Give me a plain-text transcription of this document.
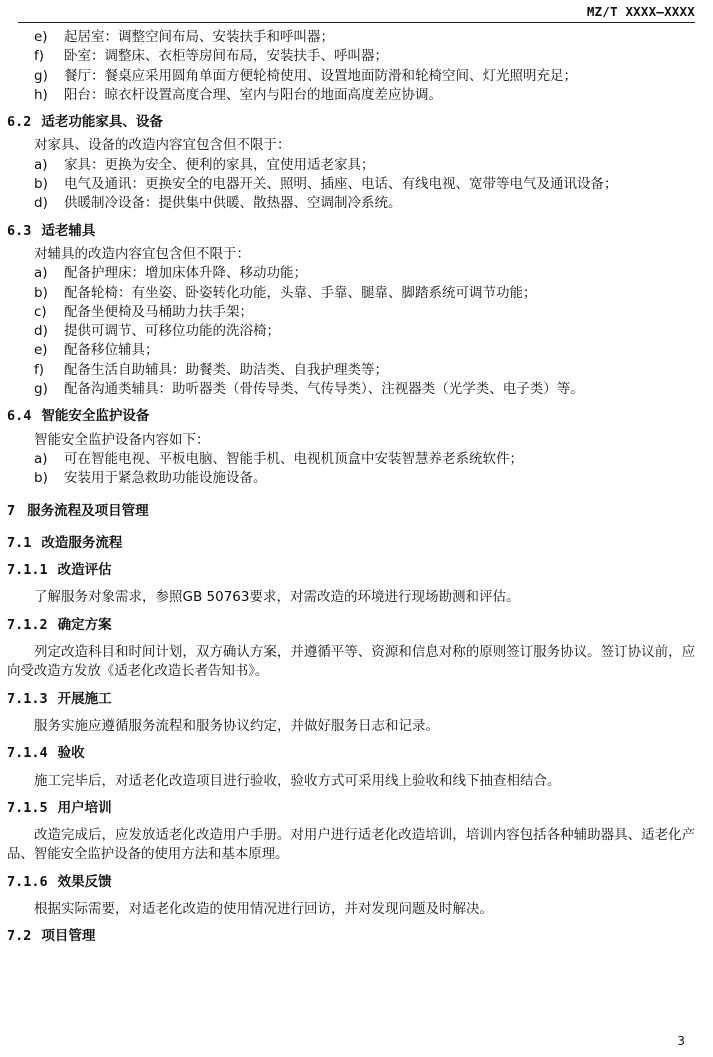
MZ/T XXXX—XXXX
e) 起居室：调整空间布局、安装扶手和呼叫器；
f) 卧室：调整床、衣柜等房间布局，安装扶手、呼叫器；
g) 餐厅：餐桌应采用圆角单面方便轮椅使用、设置地面防滑和轮椅空间、灯光照明充足；
h) 阳台：晾衣杆设置高度合理、室内与阳台的地面高度差应协调。
6.2 适老功能家具、设备
对家具、设备的改造内容宜包含但不限于：
a) 家具：更换为安全、便利的家具，宜使用适老家具；
b) 电气及通讯：更换安全的电器开关、照明、插座、电话、有线电视、宽带等电气及通讯设备；
d) 供暖制冷设备：提供集中供暖、散热器、空调制冷系统。
6.3 适老辅具
对辅具的改造内容宜包含但不限于：
a) 配备护理床：增加床体升降、移动功能；
b) 配备轮椅：有坐姿、卧姿转化功能，头靠、手靠、腿靠、脚踏系统可调节功能；
c) 配备坐便椅及马桶助力扶手架；
d) 提供可调节、可移位功能的洗浴椅；
e) 配备移位辅具；
f) 配备生活自助辅具：助餐类、助洁类、自我护理类等；
g) 配备沟通类辅具：助听器类（骨传导类、气传导类）、注视器类（光学类、电子类）等。
6.4 智能安全监护设备
智能安全监护设备内容如下：
a) 可在智能电视、平板电脑、智能手机、电视机顶盒中安装智慧养老系统软件；
b) 安装用于紧急救助功能设施设备。
7 服务流程及项目管理
7.1 改造服务流程
7.1.1 改造评估
了解服务对象需求，参照GB 50763要求，对需改造的环境进行现场勘测和评估。
7.1.2 确定方案
列定改造科目和时间计划，双方确认方案，并遵循平等、资源和信息对称的原则签订服务协议。签订协议前，应向受改造方发放《适老化改造长者告知书》。
7.1.3 开展施工
服务实施应遵循服务流程和服务协议约定，并做好服务日志和记录。
7.1.4 验收
施工完毕后，对适老化改造项目进行验收，验收方式可采用线上验收和线下抽查相结合。
7.1.5 用户培训
改造完成后，应发放适老化改造用户手册。对用户进行适老化改造培训，培训内容包括各种辅助器具、适老化产品、智能安全监护设备的使用方法和基本原理。
7.1.6 效果反馈
根据实际需要，对适老化改造的使用情况进行回访，并对发现问题及时解决。
7.2 项目管理
3
